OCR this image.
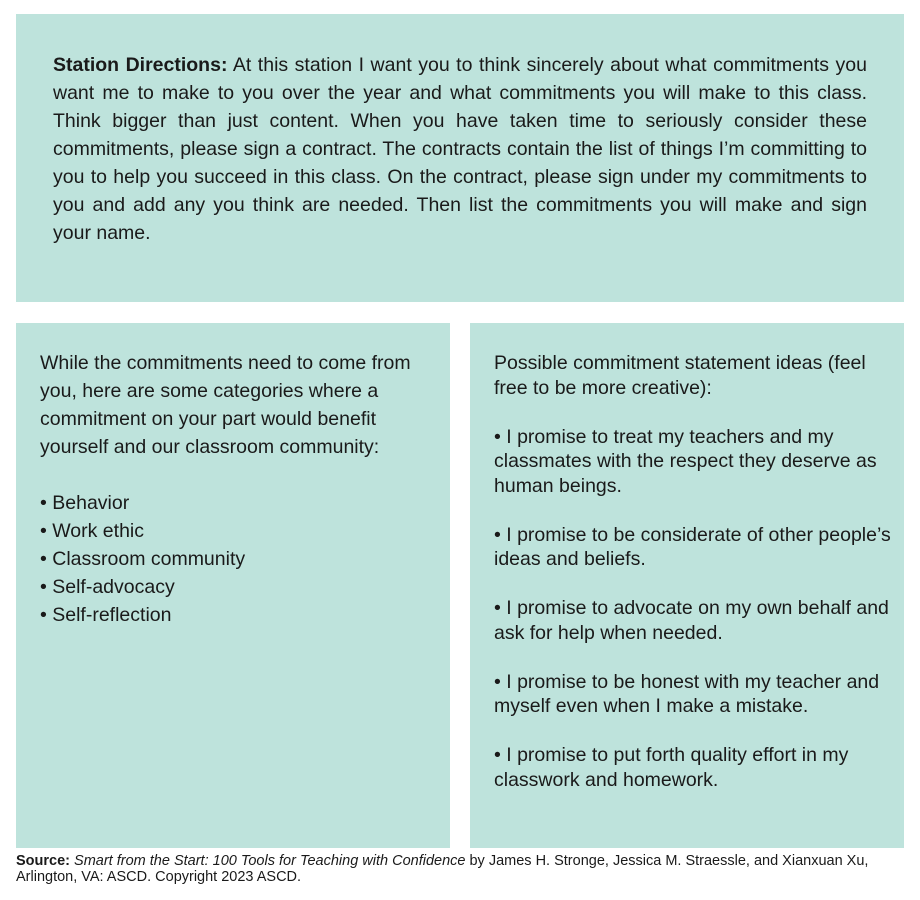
Station Directions: At this station I want you to think sincerely about what commitments you want me to make to you over the year and what commitments you will make to this class. Think bigger than just content. When you have taken time to seriously consider these commitments, please sign a contract. The contracts contain the list of things I’m committing to you to help you succeed in this class. On the contract, please sign under my commitments to you and add any you think are needed. Then list the commitments you will make and sign your name.

While the commitments need to come from you, here are some categories where a commitment on your part would benefit yourself and our classroom community:

• Behavior
• Work ethic
• Classroom community
• Self-advocacy
• Self-reflection

Possible commitment statement ideas (feel free to be more creative):

• I promise to treat my teachers and my classmates with the respect they deserve as human beings.

• I promise to be considerate of other people’s ideas and beliefs.

• I promise to advocate on my own behalf and ask for help when needed.

• I promise to be honest with my teacher and myself even when I make a mistake.

• I promise to put forth quality effort in my classwork and homework.

Source: Smart from the Start: 100 Tools for Teaching with Confidence by James H. Stronge, Jessica M. Straessle, and Xianxuan Xu, Arlington, VA: ASCD. Copyright 2023 ASCD.
